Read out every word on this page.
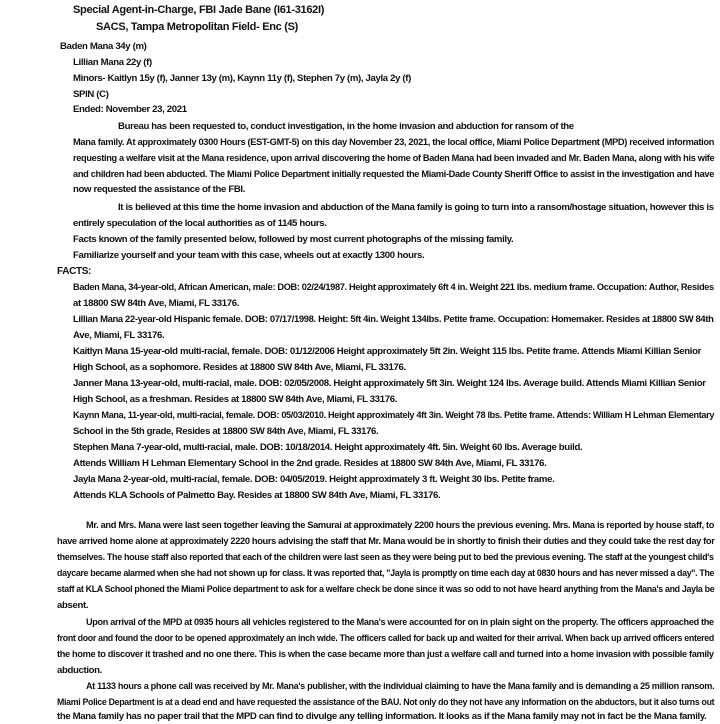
Special Agent-in-Charge, FBI Jade Bane (I61-3162I)
SACS, Tampa Metropolitan Field- Enc (S)
Baden Mana 34y (m)
Lillian Mana 22y (f)
Minors- Kaitlyn 15y (f), Janner 13y (m), Kaynn 11y (f), Stephen 7y (m), Jayla 2y (f)
SPIN (C)
Ended: November 23, 2021
Bureau has been requested to, conduct investigation, in the home invasion and abduction for ransom of the
Mana family. At approximately 0300 Hours (EST-GMT-5) on this day November 23, 2021, the local office, Miami Police Department (MPD) received information
requesting a welfare visit at the Mana residence, upon arrival discovering the home of Baden Mana had been invaded and Mr. Baden Mana, along with his wife
and children had been abducted. The Miami Police Department initially requested the Miami-Dade County Sheriff Office to assist in the investigation and have
now requested the assistance of the FBI.
It is believed at this time the home invasion and abduction of the Mana family is going to turn into a ransom/hostage situation, however this is
entirely speculation of the local authorities as of 1145 hours.
Facts known of the family presented below, followed by most current photographs of the missing family.
Familiarize yourself and your team with this case, wheels out at exactly 1300 hours.
FACTS:
Baden Mana, 34-year-old, African American, male: DOB: 02/24/1987. Height approximately 6ft 4 in. Weight 221 lbs. medium frame. Occupation: Author, Resides
at 18800 SW 84th Ave, Miami, FL 33176.
Lillian Mana 22-year-old Hispanic female. DOB: 07/17/1998. Height: 5ft 4in. Weight 134lbs. Petite frame. Occupation: Homemaker. Resides at 18800 SW 84th
Ave, Miami, FL 33176.
Kaitlyn Mana 15-year-old multi-racial, female. DOB: 01/12/2006 Height approximately 5ft 2in. Weight 115 lbs. Petite frame. Attends Miami Killian Senior
High School, as a sophomore. Resides at 18800 SW 84th Ave, Miami, FL 33176.
Janner Mana 13-year-old, multi-racial, male. DOB: 02/05/2008. Height approximately 5ft 3in. Weight 124 lbs. Average build. Attends Miami Killian Senior
High School, as a freshman. Resides at 18800 SW 84th Ave, Miami, FL 33176.
Kaynn Mana, 11-year-old, multi-racial, female. DOB: 05/03/2010. Height approximately 4ft 3in. Weight 78 lbs. Petite frame. Attends: William H Lehman Elementary
School in the 5th grade, Resides at 18800 SW 84th Ave, Miami, FL 33176.
Stephen Mana 7-year-old, multi-racial, male. DOB: 10/18/2014. Height approximately 4ft. 5in. Weight 60 lbs. Average build.
Attends William H Lehman Elementary School in the 2nd grade. Resides at 18800 SW 84th Ave, Miami, FL 33176.
Jayla Mana 2-year-old, multi-racial, female. DOB: 04/05/2019. Height approximately 3 ft. Weight 30 lbs. Petite frame.
Attends KLA Schools of Palmetto Bay. Resides at 18800 SW 84th Ave, Miami, FL 33176.
Mr. and Mrs. Mana were last seen together leaving the Samurai at approximately 2200 hours the previous evening. Mrs. Mana is reported by house staff, to
have arrived home alone at approximately 2220 hours advising the staff that Mr. Mana would be in shortly to finish their duties and they could take the rest day for
themselves. The house staff also reported that each of the children were last seen as they were being put to bed the previous evening. The staff at the youngest child's
daycare became alarmed when she had not shown up for class. It was reported that, "Jayla is promptly on time each day at 0830 hours and has never missed a day". The
staff at KLA School phoned the Miami Police department to ask for a welfare check be done since it was so odd to not have heard anything from the Mana's and Jayla be
absent.
Upon arrival of the MPD at 0935 hours all vehicles registered to the Mana's were accounted for on in plain sight on the property. The officers approached the
front door and found the door to be opened approximately an inch wide. The officers called for back up and waited for their arrival. When back up arrived officers entered
the home to discover it trashed and no one there. This is when the case became more than just a welfare call and turned into a home invasion with possible family
abduction.
At 1133 hours a phone call was received by Mr. Mana's publisher, with the individual claiming to have the Mana family and is demanding a 25 million ransom.
Miami Police Department is at a dead end and have requested the assistance of the BAU. Not only do they not have any information on the abductors, but it also turns out
the Mana family has no paper trail that the MPD can find to divulge any telling information. It looks as if the Mana family may not in fact be the Mana family.
